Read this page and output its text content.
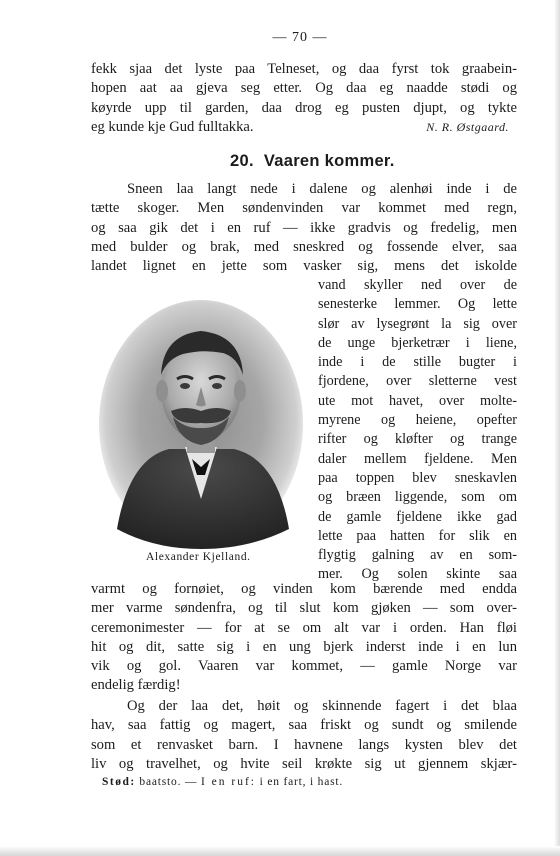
— 70 —
fekk sjaa det lyste paa Telneset, og daa fyrst tok graabein-
hopen aat aa gjeva seg etter. Og daa eg naadde stødi og
køyrde upp til garden, daa drog eg pusten djupt, og tykte
eg kunde kje Gud fulltakka.	N. R. Østgaard.
20. Vaaren kommer.
Sneen laa langt nede i dalene og alenhøi inde i de
tætte skoger. Men søndenvinden var kommet med regn,
og saa gik det i en ruf — ikke gradvis og fredelig, men
med bulder og brak, med sneskred og fossende elver, saa
landet lignet en jette som vasker sig, mens det iskolde
vand skyller ned over de
senesterke lemmer. Og lette
slør av lysegrønt la sig over
de unge bjerketrær i liene,
inde i de stille bugter i
fjordene, over sletterne vest
ute mot havet, over molte-
myrene og heiene, opefter
rifter og kløfter og trange
daler mellem fjeldene. Men
paa toppen blev sneskavlen
og bræen liggende, som om
de gamle fjeldene ikke gad
lette paa hatten for slik en
flygtig galning av en som-
mer. Og solen skinte saa
Alexander Kjelland.
varmt og fornøiet, og vinden kom bærende med endda
mer varme søndenfra, og til slut kom gjøken — som over-
ceremonimester — for at se om alt var i orden. Han fløi
hit og dit, satte sig i en ung bjerk inderst inde i en lun
vik og gol. Vaaren var kommet, — gamle Norge var
endelig færdig!
Og der laa det, høit og skinnende fagert i det blaa
hav, saa fattig og magert, saa friskt og sundt og smilende
som et renvasket barn. I havnene langs kysten blev det
liv og travelhet, og hvite seil krøkte sig ut gjennem skjær-
Stød: baatsto. — I en ruf: i en fart, i hast.
